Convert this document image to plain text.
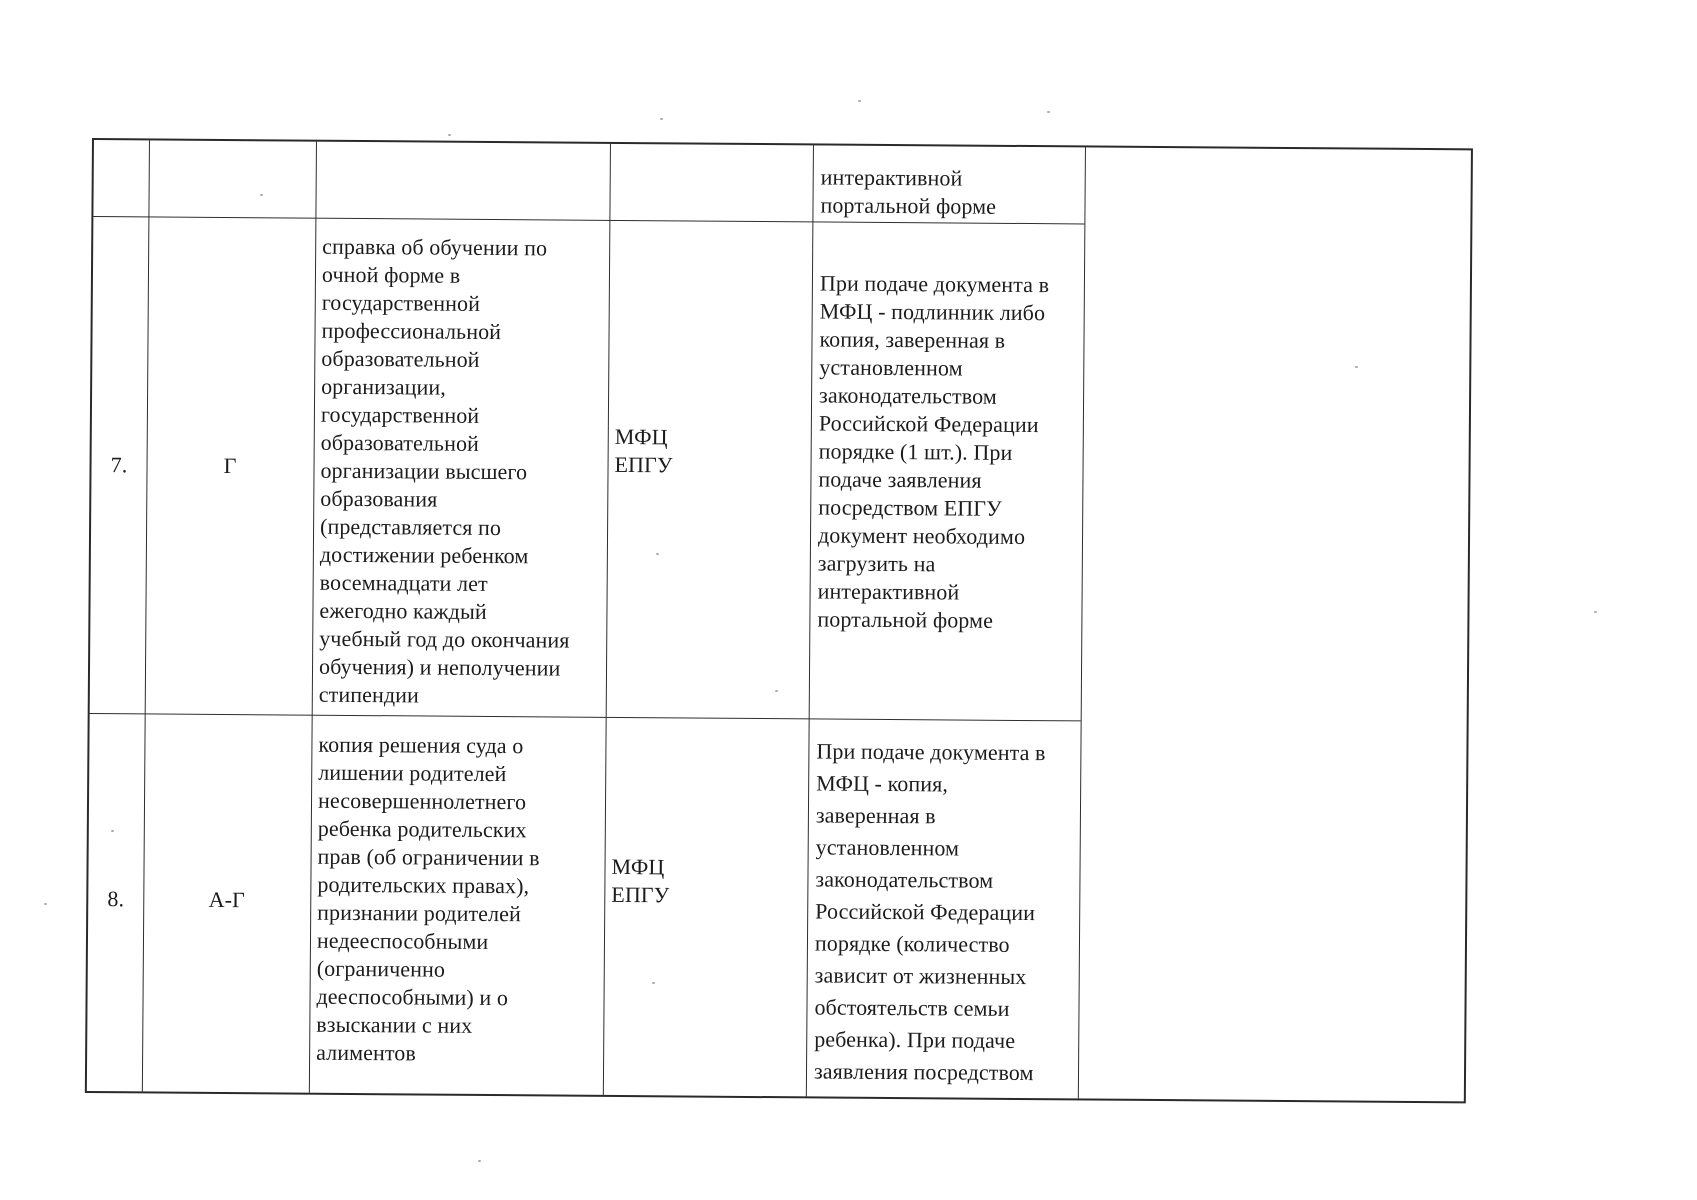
интерактивной
портальной форме
7.	Г
справка об обучении по
очной форме в
государственной
профессиональной
образовательной
организации,
государственной
образовательной
организации высшего
образования
(представляется по
достижении ребенком
восемнадцати лет
ежегодно каждый
учебный год до окончания
обучения) и неполучении
стипендии
МФЦ
ЕПГУ
При подаче документа в
МФЦ - подлинник либо
копия, заверенная в
установленном
законодательством
Российской Федерации
порядке (1 шт.). При
подаче заявления
посредством ЕПГУ
документ необходимо
загрузить на
интерактивной
портальной форме
8.	А-Г
копия решения суда о
лишении родителей
несовершеннолетнего
ребенка родительских
прав (об ограничении в
родительских правах),
признании родителей
недееспособными
(ограниченно
дееспособными) и о
взыскании с них
алиментов
МФЦ
ЕПГУ
При подаче документа в
МФЦ - копия,
заверенная в
установленном
законодательством
Российской Федерации
порядке (количество
зависит от жизненных
обстоятельств семьи
ребенка). При подаче
заявления посредством
